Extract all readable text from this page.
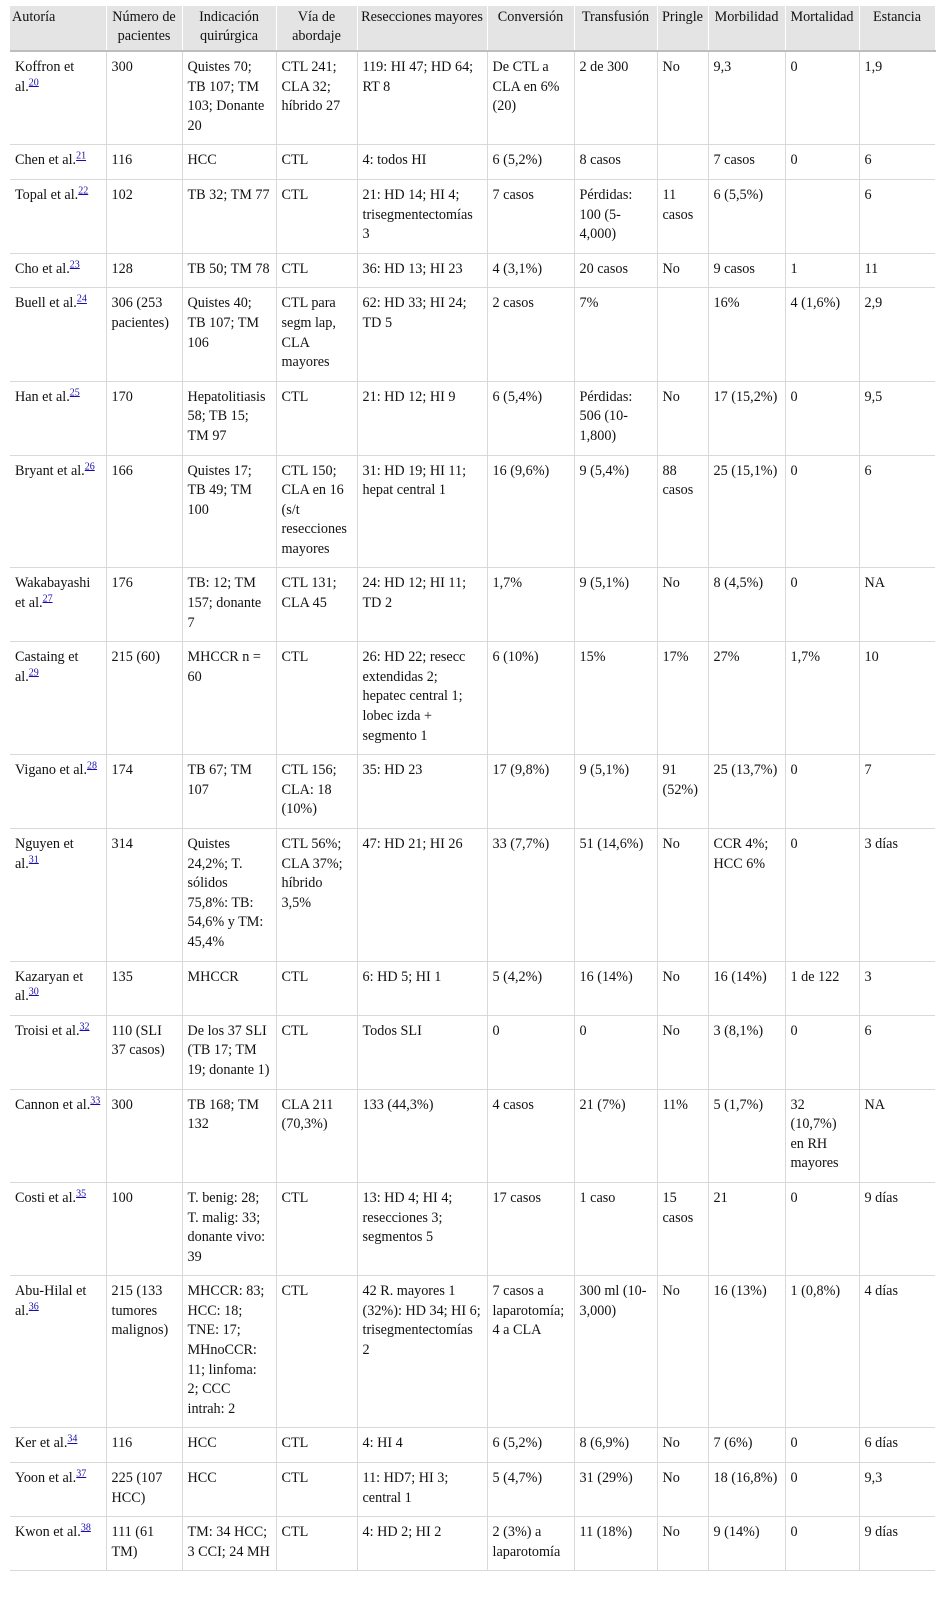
Autoría	Número de pacientes	Indicación quirúrgica	Vía de abordaje	Resecciones mayores	Conversión	Transfusión	Pringle	Morbilidad	Mortalidad	Estancia
Koffron et al.$^{20}$	300	Quistes 70; TB 107; TM 103; Donante 20	CTL 241; CLA 32; híbrido 27	119: HI 47; HD 64; RT 8	De CTL a CLA en 6% (20)	2 de 300	No	9,3	0	1,9
Chen et al.$^{21}$	116	HCC	CTL	4: todos HI	6 (5,2%)	8 casos		7 casos	0	6
Topal et al.$^{22}$	102	TB 32; TM 77	CTL	21: HD 14; HI 4; trisegmentectomías 3	7 casos	Pérdidas: 100 (5-4,000)	11 casos	6 (5,5%)		6
Cho et al.$^{23}$	128	TB 50; TM 78	CTL	36: HD 13; HI 23	4 (3,1%)	20 casos	No	9 casos	1	11
Buell et al.$^{24}$	306 (253 pacientes)	Quistes 40; TB 107; TM 106	CTL para segm lap, CLA mayores	62: HD 33; HI 24; TD 5	2 casos	7%		16%	4 (1,6%)	2,9
Han et al.$^{25}$	170	Hepatolitiasis 58; TB 15; TM 97	CTL	21: HD 12; HI 9	6 (5,4%)	Pérdidas: 506 (10-1,800)	No	17 (15,2%)	0	9,5
Bryant et al.$^{26}$	166	Quistes 17; TB 49; TM 100	CTL 150; CLA en 16 (s/t resecciones mayores	31: HD 19; HI 11; hepat central 1	16 (9,6%)	9 (5,4%)	88 casos	25 (15,1%)	0	6
Wakabayashi et al.$^{27}$	176	TB: 12; TM 157; donante 7	CTL 131; CLA 45	24: HD 12; HI 11; TD 2	1,7%	9 (5,1%)	No	8 (4,5%)	0	NA
Castaing et al.$^{29}$	215 (60)	MHCCR n = 60	CTL	26: HD 22; resecc extendidas 2; hepatec central 1; lobec izda + segmento 1	6 (10%)	15%	17%	27%	1,7%	10
Vigano et al.$^{28}$	174	TB 67; TM 107	CTL 156; CLA: 18 (10%)	35: HD 23	17 (9,8%)	9 (5,1%)	91 (52%)	25 (13,7%)	0	7
Nguyen et al.$^{31}$	314	Quistes 24,2%; T. sólidos 75,8%: TB: 54,6% y TM: 45,4%	CTL 56%; CLA 37%; híbrido 3,5%	47: HD 21; HI 26	33 (7,7%)	51 (14,6%)	No	CCR 4%; HCC 6%	0	3 días
Kazaryan et al.$^{30}$	135	MHCCR	CTL	6: HD 5; HI 1	5 (4,2%)	16 (14%)	No	16 (14%)	1 de 122	3
Troisi et al.$^{32}$	110 (SLI 37 casos)	De los 37 SLI (TB 17; TM 19; donante 1)	CTL	Todos SLI	0	0	No	3 (8,1%)	0	6
Cannon et al.$^{33}$	300	TB 168; TM 132	CLA 211 (70,3%)	133 (44,3%)	4 casos	21 (7%)	11%	5 (1,7%)	32 (10,7%) en RH mayores	NA
Costi et al.$^{35}$	100	T. benig: 28; T. malig: 33; donante vivo: 39	CTL	13: HD 4; HI 4; resecciones 3; segmentos 5	17 casos	1 caso	15 casos	21	0	9 días
Abu-Hilal et al.$^{36}$	215 (133 tumores malignos)	MHCCR: 83; HCC: 18; TNE: 17; MHnoCCR: 11; linfoma: 2; CCC intrah: 2	CTL	42 R. mayores 1 (32%): HD 34; HI 6; trisegmentectomías 2	7 casos a laparotomía; 4 a CLA	300 ml (10-3,000)	No	16 (13%)	1 (0,8%)	4 días
Ker et al.$^{34}$	116	HCC	CTL	4: HI 4	6 (5,2%)	8 (6,9%)	No	7 (6%)	0	6 días
Yoon et al.$^{37}$	225 (107 HCC)	HCC	CTL	11: HD7; HI 3; central 1	5 (4,7%)	31 (29%)	No	18 (16,8%)	0	9,3
Kwon et al.$^{38}$	111 (61 TM)	TM: 34 HCC; 3 CCI; 24 MH	CTL	4: HD 2; HI 2	2 (3%) a laparotomía	11 (18%)	No	9 (14%)	0	9 días
